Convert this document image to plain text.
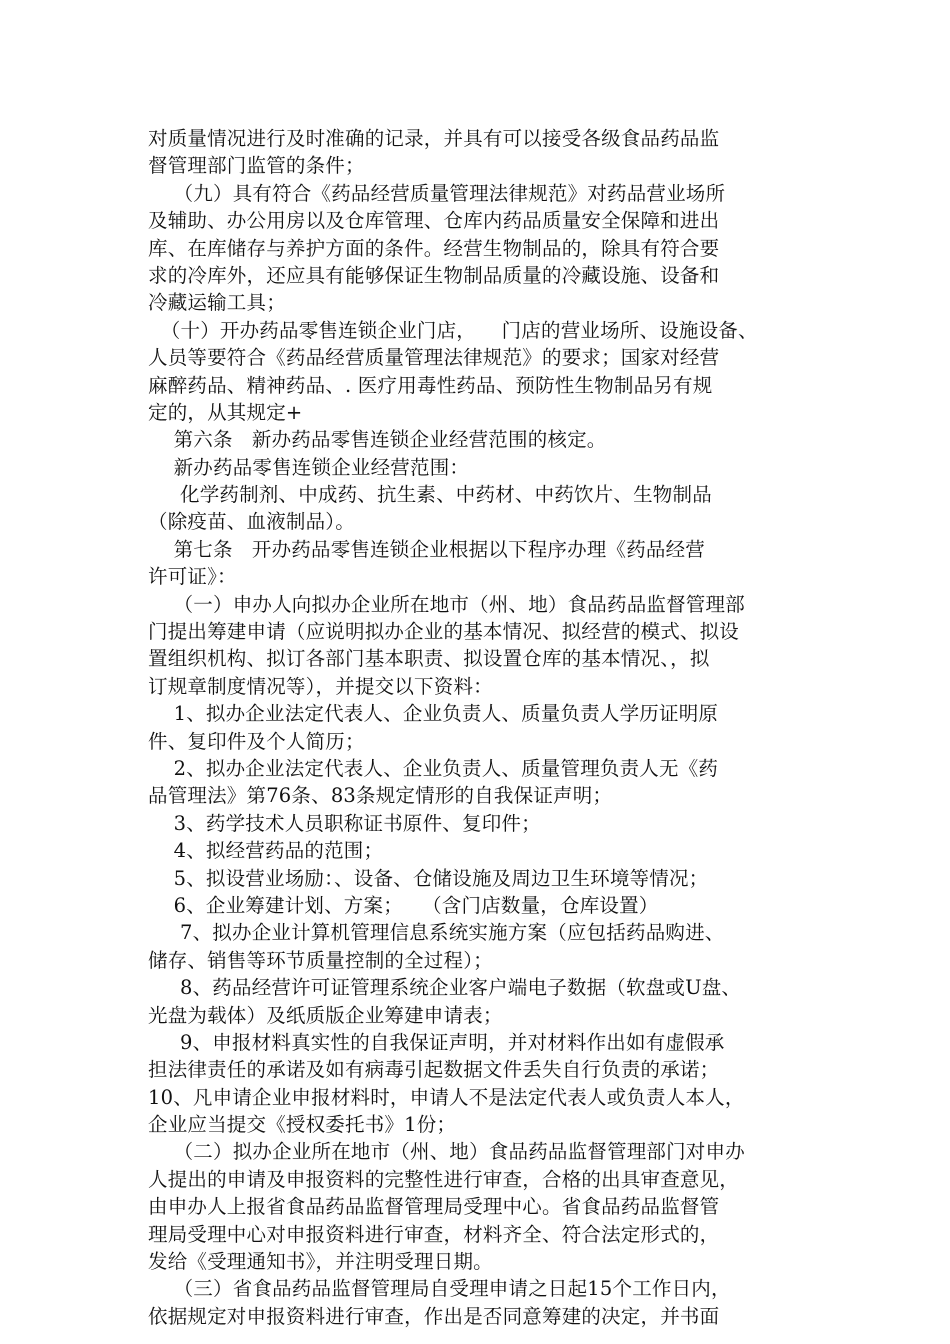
对质量情况进行及时准确的记录，并具有可以接受各级食品药品监
督管理部门监管的条件；
（九）具有符合《药品经营质量管理法律规范》对药品营业场所
及辅助、办公用房以及仓库管理、仓库内药品质量安全保障和进出
库、在库储存与养护方面的条件。经营生物制品的，除具有符合要
求的冷库外，还应具有能够保证生物制品质量的冷藏设施、设备和
冷藏运输工具；
（十）开办药品零售连锁企业门店，    门店的营业场所、设施设备、
人员等要符合《药品经营质量管理法律规范》的要求；国家对经营
麻醉药品、精神药品、. 医疗用毒性药品、预防性生物制品另有规
定的，从其规定+
第六条   新办药品零售连锁企业经营范围的核定。
新办药品零售连锁企业经营范围：
化学药制剂、中成药、抗生素、中药材、中药饮片、生物制品
（除疫苗、血液制品）。
第七条   开办药品零售连锁企业根据以下程序办理《药品经营
许可证》：
（一）申办人向拟办企业所在地市（州、地）食品药品监督管理部
门提出筹建申请（应说明拟办企业的基本情况、拟经营的模式、拟设
置组织机构、拟订各部门基本职责、拟设置仓库的基本情况、，拟
订规章制度情况等），并提交以下资料：
1、拟办企业法定代表人、企业负责人、质量负责人学历证明原
件、复印件及个人简历；
2、拟办企业法定代表人、企业负责人、质量管理负责人无《药
品管理法》第76条、83条规定情形的自我保证声明；
3、药学技术人员职称证书原件、复印件；
4、拟经营药品的范围；
5、拟设营业场励：、设备、仓储设施及周边卫生环境等情况；
6、企业筹建计划、方案；   （含门店数量，仓库设置）
7、拟办企业计算机管理信息系统实施方案（应包括药品购进、
储存、销售等环节质量控制的全过程）；
8、药品经营许可证管理系统企业客户端电子数据（软盘或U盘、
光盘为载体）及纸质版企业筹建申请表；
9、申报材料真实性的自我保证声明，并对材料作出如有虚假承
担法律责任的承诺及如有病毒引起数据文件丢失自行负责的承诺；
10、凡申请企业申报材料时，申请人不是法定代表人或负责人本人，
企业应当提交《授权委托书》1份；
（二）拟办企业所在地市（州、地）食品药品监督管理部门对申办
人提出的申请及申报资料的完整性进行审查，合格的出具审查意见，
由申办人上报省食品药品监督管理局受理中心。省食品药品监督管
理局受理中心对申报资料进行审查，材料齐全、符合法定形式的，
发给《受理通知书》，并注明受理日期。
（三）省食品药品监督管理局自受理申请之日起15个工作日内，
依据规定对申报资料进行审查，作出是否同意筹建的决定，并书面
